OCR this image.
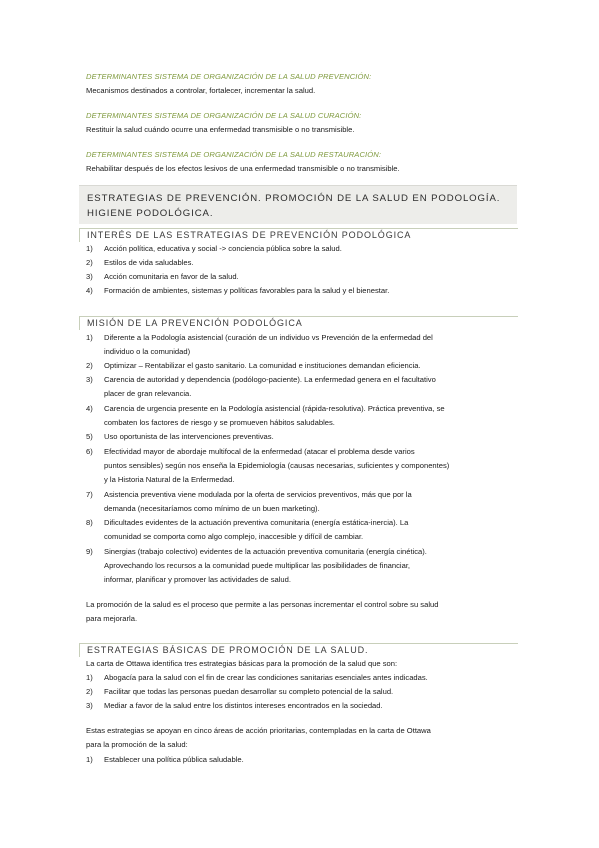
DETERMINANTES SISTEMA DE ORGANIZACIÓN DE LA SALUD PREVENCIÓN:
Mecanismos destinados a controlar, fortalecer, incrementar la salud.
DETERMINANTES SISTEMA DE ORGANIZACIÓN DE LA SALUD CURACIÓN:
Restituir la salud cuándo ocurre una enfermedad transmisible o no transmisible.
DETERMINANTES SISTEMA DE ORGANIZACIÓN DE LA SALUD RESTAURACIÓN:
Rehabilitar después de los efectos lesivos de una enfermedad transmisible o no transmisible.
ESTRATEGIAS DE PREVENCIÓN. PROMOCIÓN DE LA SALUD EN PODOLOGÍA.
HIGIENE PODOLÓGICA.
INTERÉS DE LAS ESTRATEGIAS DE PREVENCIÓN PODOLÓGICA
1) Acción política, educativa y social -> conciencia pública sobre la salud.
2) Estilos de vida saludables.
3) Acción comunitaria en favor de la salud.
4) Formación de ambientes, sistemas y políticas favorables para la salud y el bienestar.
MISIÓN DE LA PREVENCIÓN PODOLÓGICA
1) Diferente a la Podología asistencial (curación de un individuo vs Prevención de la enfermedad del
individuo o la comunidad)
2) Optimizar – Rentabilizar el gasto sanitario. La comunidad e instituciones demandan eficiencia.
3) Carencia de autoridad y dependencia (podólogo-paciente). La enfermedad genera en el facultativo
placer de gran relevancia.
4) Carencia de urgencia presente en la Podología asistencial (rápida-resolutiva). Práctica preventiva, se
combaten los factores de riesgo y se promueven hábitos saludables.
5) Uso oportunista de las intervenciones preventivas.
6) Efectividad mayor de abordaje multifocal de la enfermedad (atacar el problema desde varios
puntos sensibles) según nos enseña la Epidemiología (causas necesarias, suficientes y componentes)
y la Historia Natural de la Enfermedad.
7) Asistencia preventiva viene modulada por la oferta de servicios preventivos, más que por la
demanda (necesitaríamos como mínimo de un buen marketing).
8) Dificultades evidentes de la actuación preventiva comunitaria (energía estática-inercia). La
comunidad se comporta como algo complejo, inaccesible y difícil de cambiar.
9) Sinergias (trabajo colectivo) evidentes de la actuación preventiva comunitaria (energía cinética).
Aprovechando los recursos a la comunidad puede multiplicar las posibilidades de financiar,
informar, planificar y promover las actividades de salud.
La promoción de la salud es el proceso que permite a las personas incrementar el control sobre su salud
para mejorarla.
ESTRATEGIAS BÁSICAS DE PROMOCIÓN DE LA SALUD.
La carta de Ottawa identifica tres estrategias básicas para la promoción de la salud que son:
1) Abogacía para la salud con el fin de crear las condiciones sanitarias esenciales antes indicadas.
2) Facilitar que todas las personas puedan desarrollar su completo potencial de la salud.
3) Mediar a favor de la salud entre los distintos intereses encontrados en la sociedad.
Estas estrategias se apoyan en cinco áreas de acción prioritarias, contempladas en la carta de Ottawa
para la promoción de la salud:
1) Establecer una política pública saludable.
